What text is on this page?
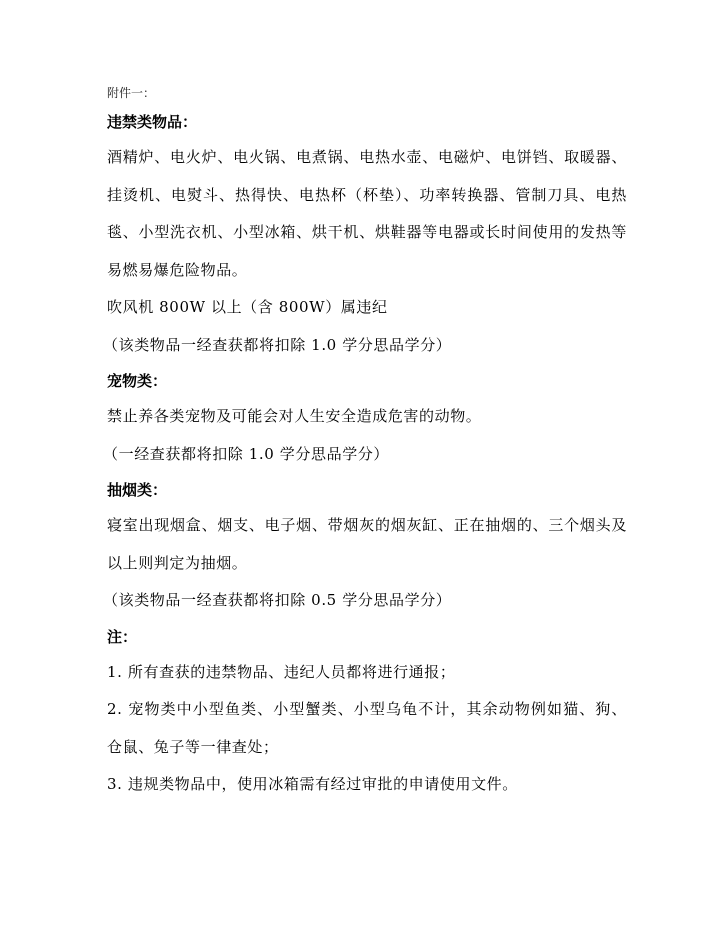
附件一：
违禁类物品：

酒精炉、电火炉、电火锅、电煮锅、电热水壶、电磁炉、电饼铛、取暖器、挂烫机、电熨斗、热得快、电热杯（杯垫）、功率转换器、管制刀具、电热毯、小型洗衣机、小型冰箱、烘干机、烘鞋器等电器或长时间使用的发热等易燃易爆危险物品。

吹风机 800W 以上（含 800W）属违纪

（该类物品一经查获都将扣除 1.0 学分思品学分）

宠物类：

禁止养各类宠物及可能会对人生安全造成危害的动物。

（一经查获都将扣除 1.0 学分思品学分）

抽烟类：

寝室出现烟盒、烟支、电子烟、带烟灰的烟灰缸、正在抽烟的、三个烟头及以上则判定为抽烟。

（该类物品一经查获都将扣除 0.5 学分思品学分）

注：

1. 所有查获的违禁物品、违纪人员都将进行通报；

2. 宠物类中小型鱼类、小型蟹类、小型乌龟不计，其余动物例如猫、狗、仓鼠、兔子等一律查处；

3. 违规类物品中，使用冰箱需有经过审批的申请使用文件。
